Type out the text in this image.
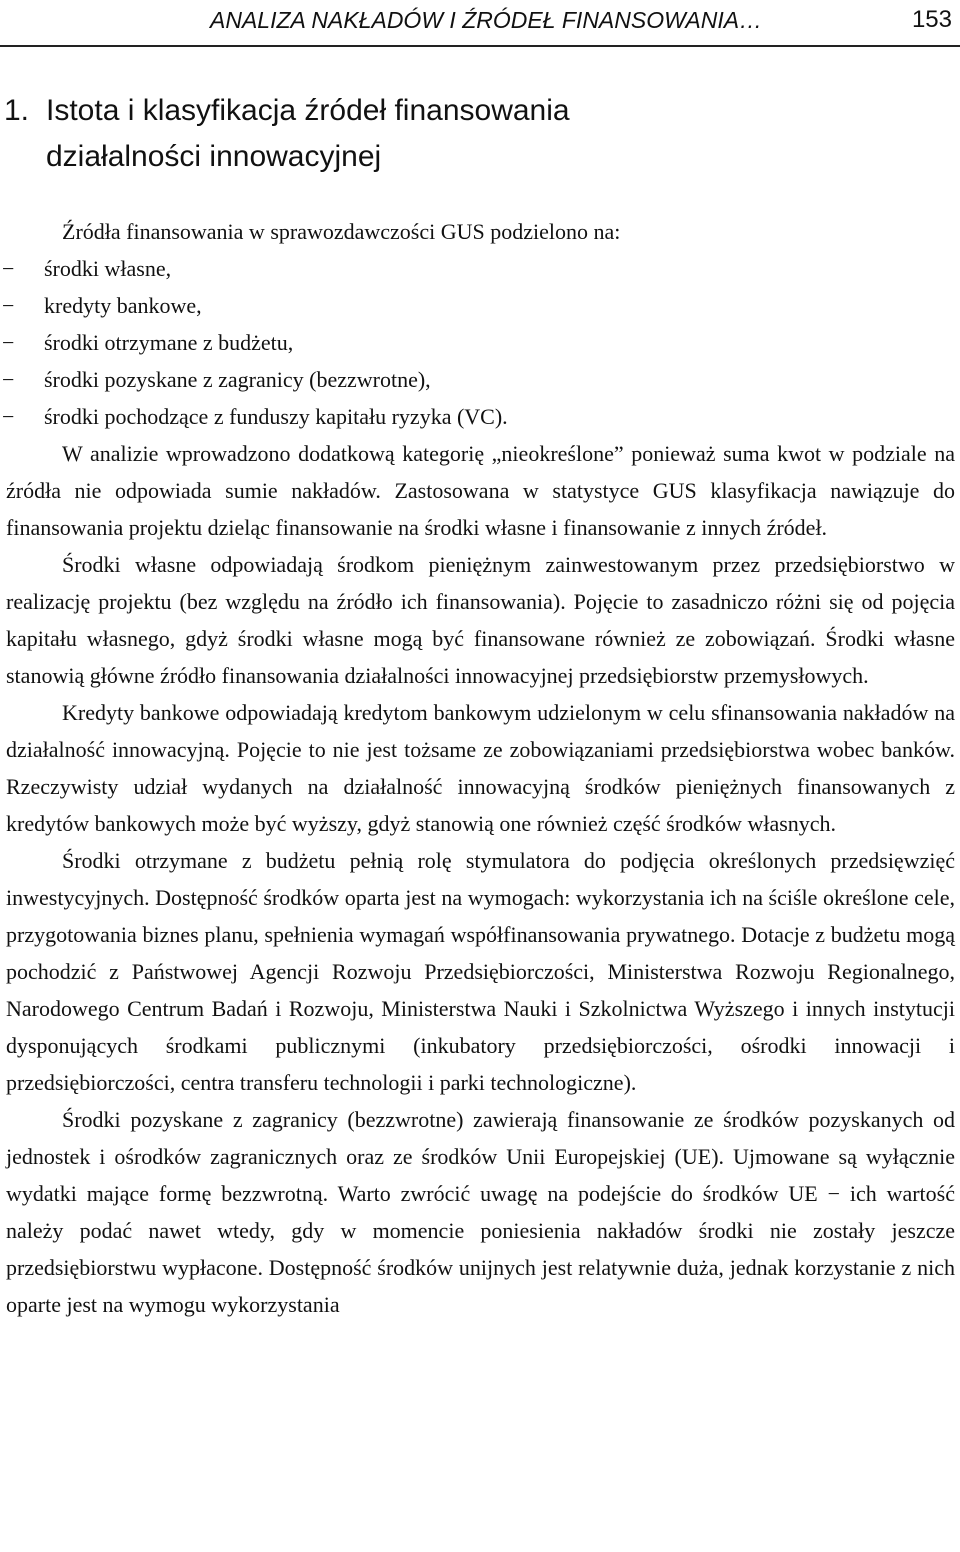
ANALIZA NAKŁADÓW I ŹRÓDEŁ FINANSOWANIA…	153
1. Istota i klasyfikacja źródeł finansowania
działalności innowacyjnej

Źródła finansowania w sprawozdawczości GUS podzielono na:

− środki własne,
− kredyty bankowe,
− środki otrzymane z budżetu,
− środki pozyskane z zagranicy (bezzwrotne),
− środki pochodzące z funduszy kapitału ryzyka (VC).

W analizie wprowadzono dodatkową kategorię „nieokreślone” ponieważ suma kwot w podziale na źródła nie odpowiada sumie nakładów. Zastosowana w statystyce GUS klasyfikacja nawiązuje do finansowania projektu dzieląc finansowanie na środki własne i finansowanie z innych źródeł.

Środki własne odpowiadają środkom pieniężnym zainwestowanym przez przedsiębiorstwo w realizację projektu (bez względu na źródło ich finansowania). Pojęcie to zasadniczo różni się od pojęcia kapitału własnego, gdyż środki własne mogą być finansowane również ze zobowiązań. Środki własne stanowią główne źródło finansowania działalności innowacyjnej przedsiębiorstw przemysłowych.

Kredyty bankowe odpowiadają kredytom bankowym udzielonym w celu sfinansowania nakładów na działalność innowacyjną. Pojęcie to nie jest tożsame ze zobowiązaniami przedsiębiorstwa wobec banków. Rzeczywisty udział wydanych na działalność innowacyjną środków pieniężnych finansowanych z kredytów bankowych może być wyższy, gdyż stanowią one również część środków własnych.

Środki otrzymane z budżetu pełnią rolę stymulatora do podjęcia określonych przedsięwzięć inwestycyjnych. Dostępność środków oparta jest na wymogach: wykorzystania ich na ściśle określone cele, przygotowania biznes planu, spełnienia wymagań współfinansowania prywatnego. Dotacje z budżetu mogą pochodzić z Państwowej Agencji Rozwoju Przedsiębiorczości, Ministerstwa Rozwoju Regionalnego, Narodowego Centrum Badań i Rozwoju, Ministerstwa Nauki i Szkolnictwa Wyższego i innych instytucji dysponujących środkami publicznymi (inkubatory przedsiębiorczości, ośrodki innowacji i przedsiębiorczości, centra transferu technologii i parki technologiczne).

Środki pozyskane z zagranicy (bezzwrotne) zawierają finansowanie ze środków pozyskanych od jednostek i ośrodków zagranicznych oraz ze środków Unii Europejskiej (UE). Ujmowane są wyłącznie wydatki mające formę bezzwrotną. Warto zwrócić uwagę na podejście do środków UE − ich wartość należy podać nawet wtedy, gdy w momencie poniesienia nakładów środki nie zostały jeszcze przedsiębiorstwu wypłacone. Dostępność środków unijnych jest relatywnie duża, jednak korzystanie z nich oparte jest na wymogu wykorzystania
